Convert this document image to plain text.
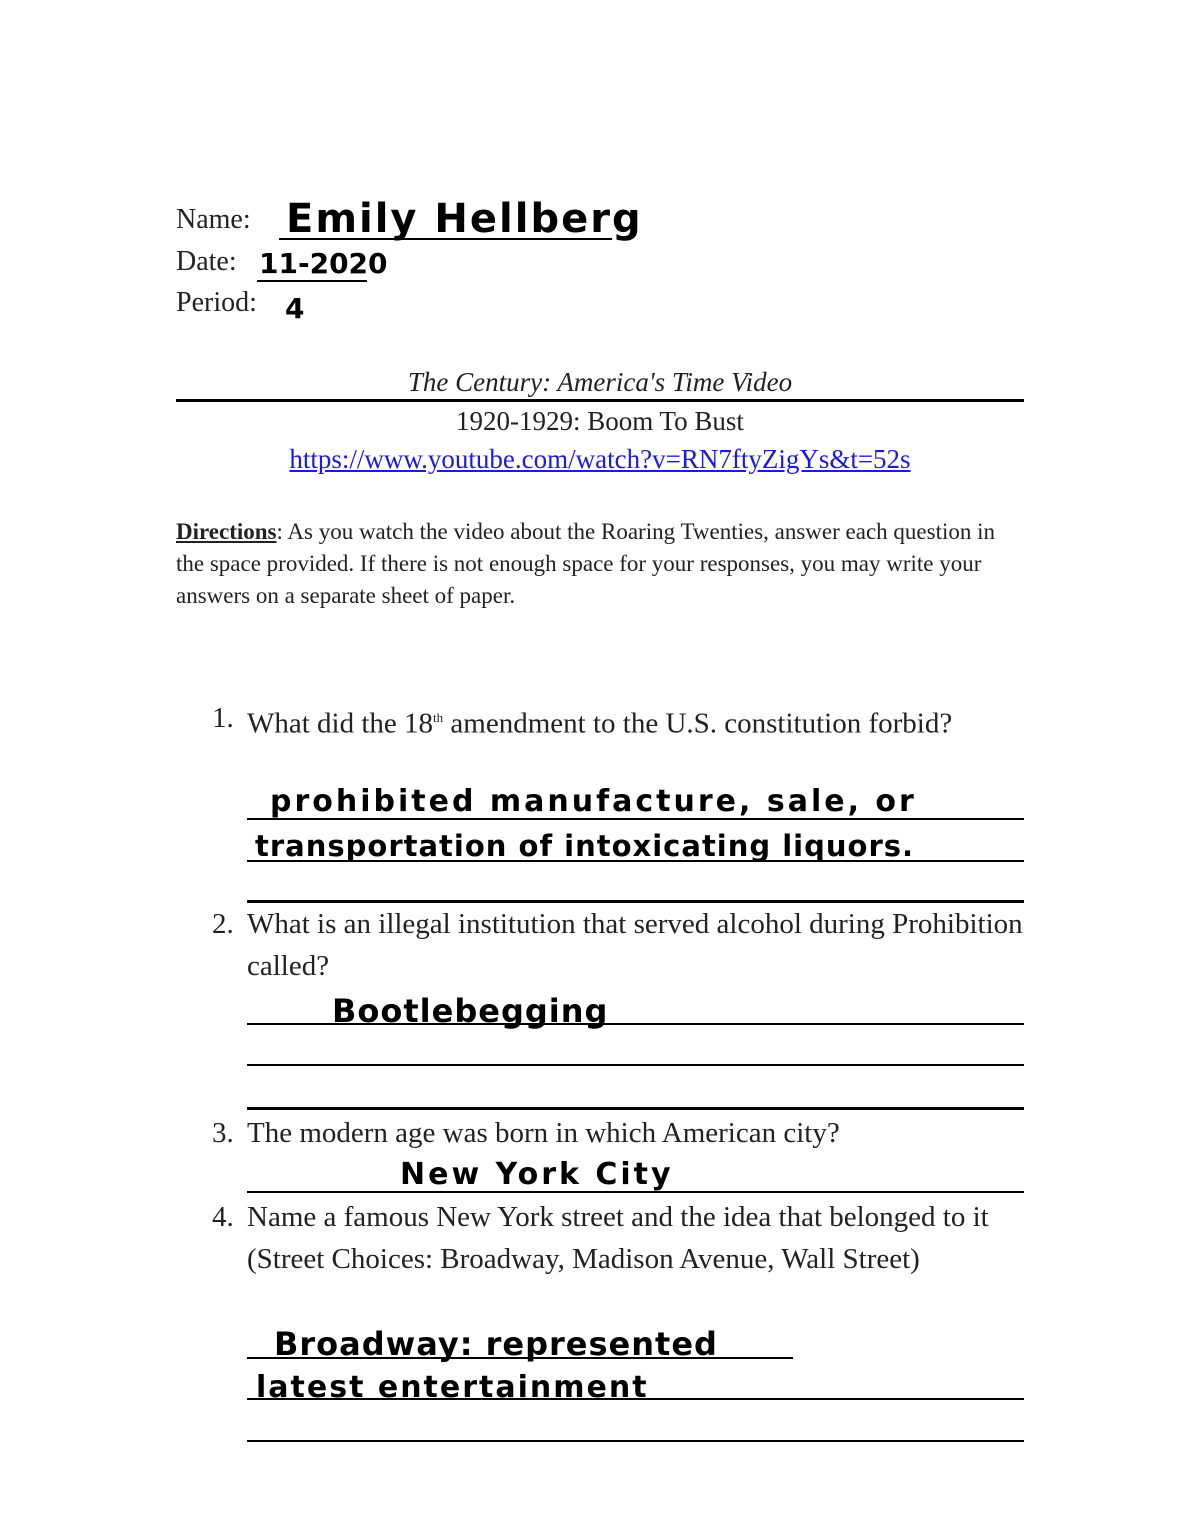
Name: Emily Hellberg
Date: 11-2020
Period: 4
The Century: America's Time Video
1920-1929: Boom To Bust
https://www.youtube.com/watch?v=RN7ftyZigYs&t=52s
Directions: As you watch the video about the Roaring Twenties, answer each question in the space provided. If there is not enough space for your responses, you may write your answers on a separate sheet of paper.
1. What did the 18th amendment to the U.S. constitution forbid?
prohibited manufacture, sale, or
transportation of intoxicating liquors.
2. What is an illegal institution that served alcohol during Prohibition called?
Bootlebegging
3. The modern age was born in which American city?
New York City
4. Name a famous New York street and the idea that belonged to it (Street Choices: Broadway, Madison Avenue, Wall Street)
Broadway: represented
latest entertainment
